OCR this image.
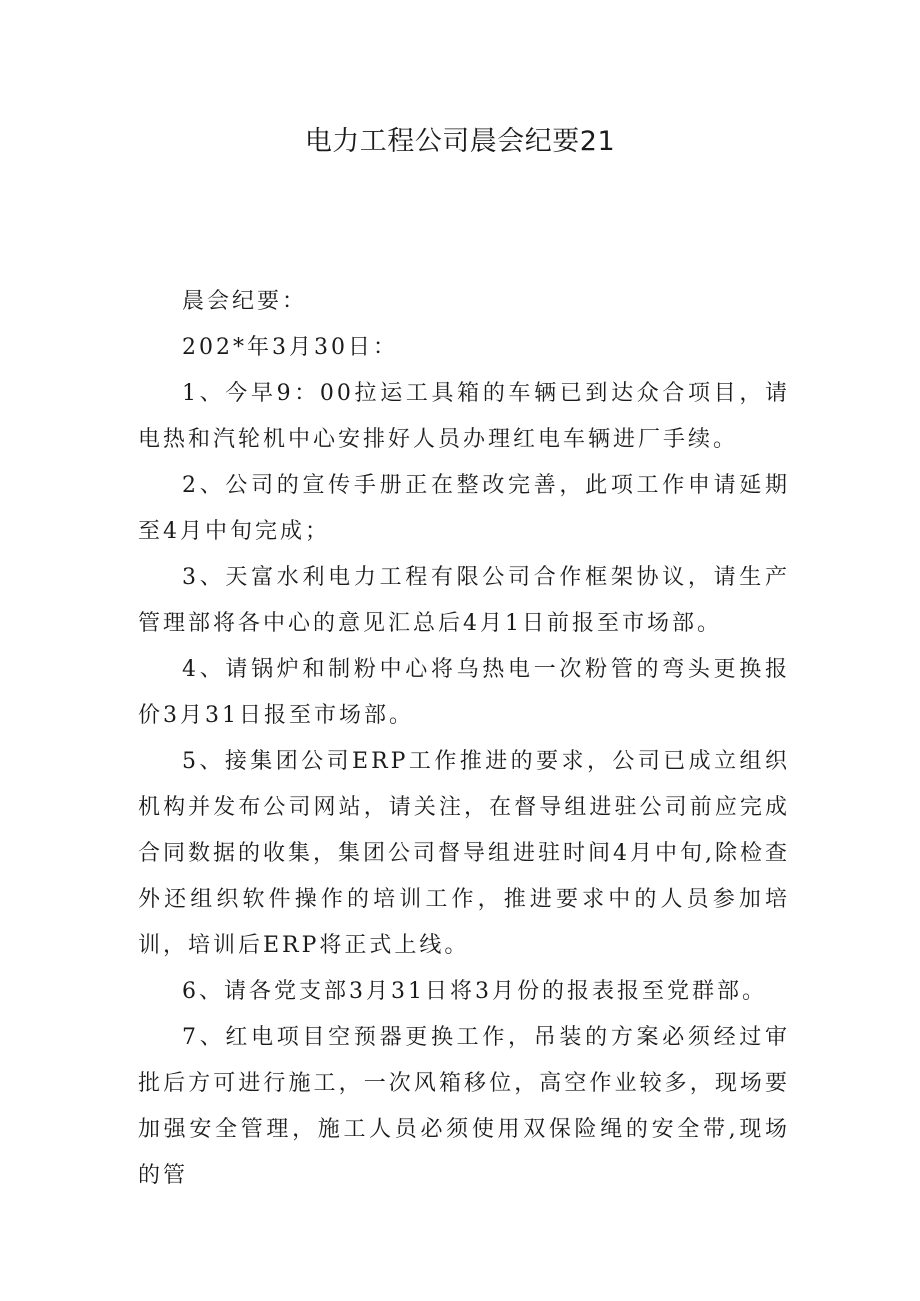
电力工程公司晨会纪要21

晨会纪要：

202*年3月30日：

1、今早9：00拉运工具箱的车辆已到达众合项目，请电热和汽轮机中心安排好人员办理红电车辆进厂手续。

2、公司的宣传手册正在整改完善，此项工作申请延期至4月中旬完成；

3、天富水利电力工程有限公司合作框架协议，请生产管理部将各中心的意见汇总后4月1日前报至市场部。

4、请锅炉和制粉中心将乌热电一次粉管的弯头更换报价3月31日报至市场部。

5、接集团公司ERP工作推进的要求，公司已成立组织机构并发布公司网站，请关注，在督导组进驻公司前应完成合同数据的收集，集团公司督导组进驻时间4月中旬,除检查外还组织软件操作的培训工作，推进要求中的人员参加培训，培训后ERP将正式上线。

6、请各党支部3月31日将3月份的报表报至党群部。

7、红电项目空预器更换工作，吊装的方案必须经过审批后方可进行施工，一次风箱移位，高空作业较多，现场要加强安全管理，施工人员必须使用双保险绳的安全带,现场的管
